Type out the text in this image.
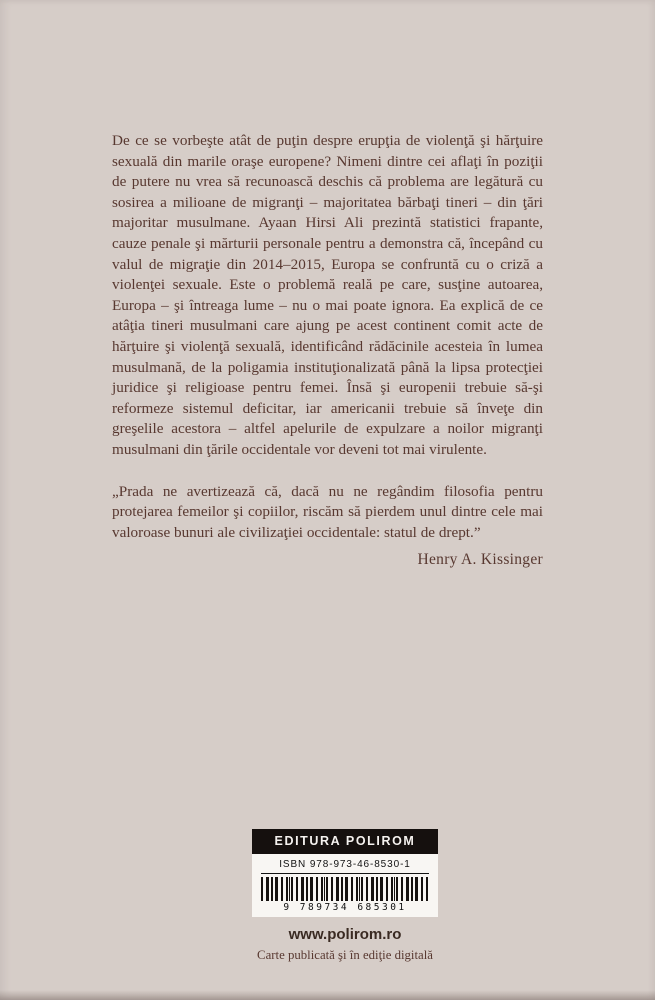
De ce se vorbeşte atât de puţin despre erupţia de violenţă şi hărţuire sexuală din marile oraşe europene? Nimeni dintre cei aflaţi în poziţii de putere nu vrea să recunoască deschis că problema are legătură cu sosirea a milioane de migranţi – majoritatea bărbaţi tineri – din ţări majoritar musulmane. Ayaan Hirsi Ali prezintă statistici frapante, cauze penale şi mărturii personale pentru a demonstra că, începând cu valul de migraţie din 2014–2015, Europa se confruntă cu o criză a violenţei sexuale. Este o problemă reală pe care, susţine autoarea, Europa – şi întreaga lume – nu o mai poate ignora. Ea explică de ce atâţia tineri musulmani care ajung pe acest continent comit acte de hărţuire şi violenţă sexuală, identificând rădăcinile acesteia în lumea musulmană, de la poligamia instituţionalizată până la lipsa protecţiei juridice şi religioase pentru femei. Însă şi europenii trebuie să-şi reformeze sistemul deficitar, iar americanii trebuie să înveţe din greşelile acestora – altfel apelurile de expulzare a noilor migranţi musulmani din ţările occidentale vor deveni tot mai virulente.

„Prada ne avertizează că, dacă nu ne regândim filosofia pentru protejarea femeilor şi copiilor, riscăm să pierdem unul dintre cele mai valoroase bunuri ale civilizaţiei occidentale: statul de drept.”

Henry A. Kissinger

EDITURA POLIROM
ISBN 978-973-46-8530-1
9 789734 685301
www.polirom.ro
Carte publicată şi în ediţie digitală
